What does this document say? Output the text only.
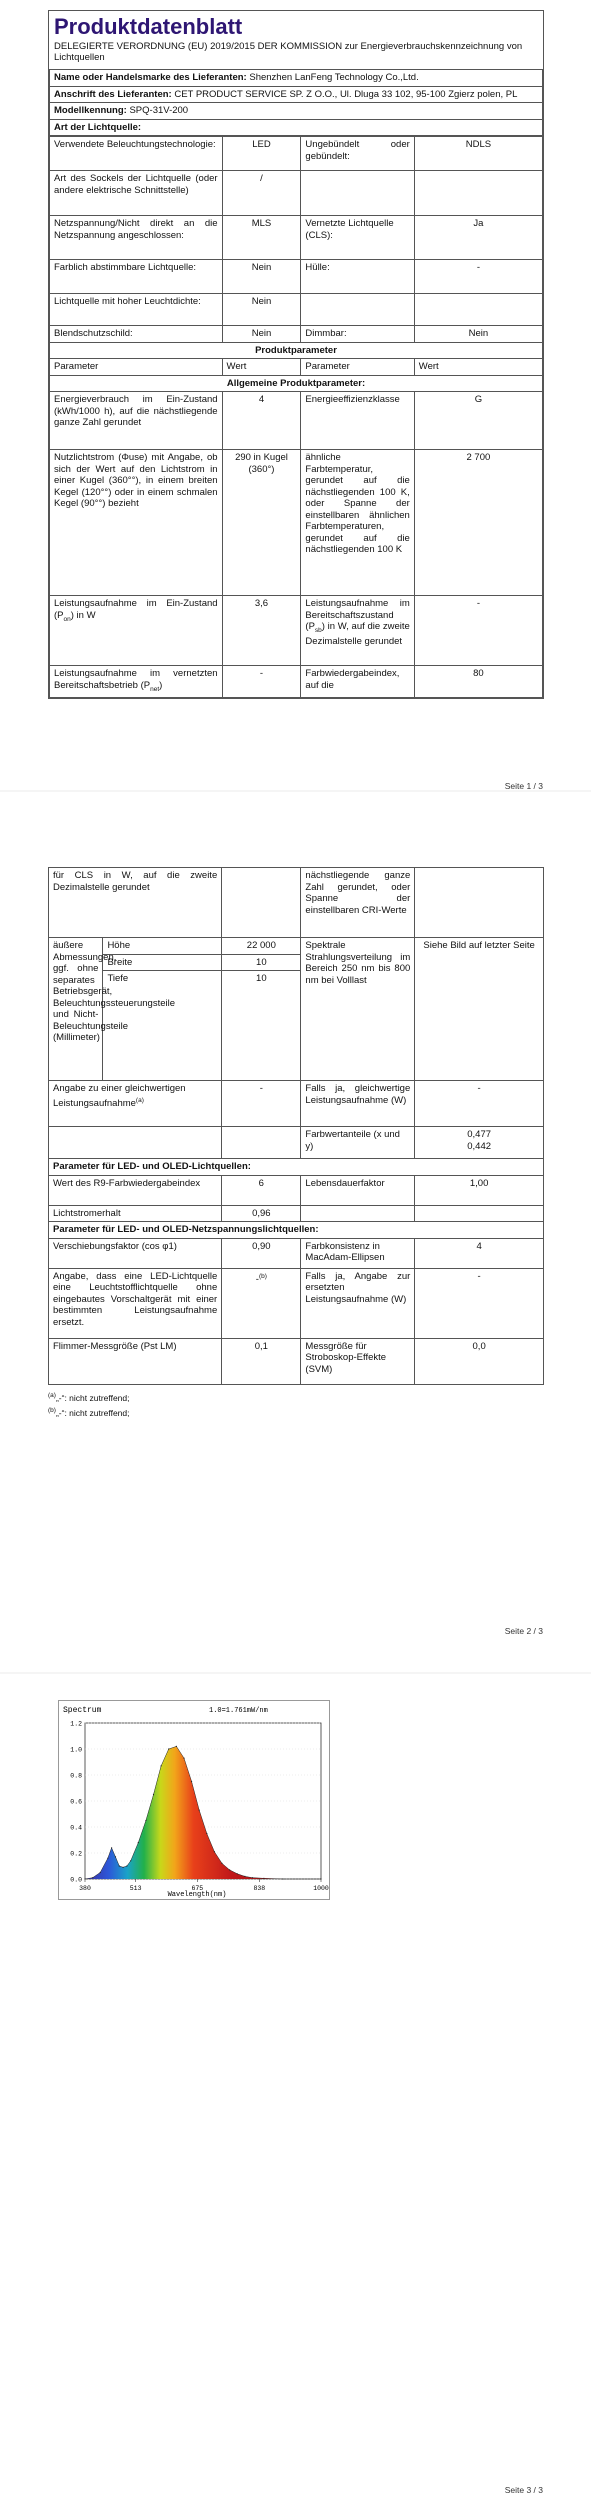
Produktdatenblatt
DELEGIERTE VERORDNUNG (EU) 2019/2015 DER KOMMISSION zur Energieverbrauchskennzeichnung von Lichtquellen
Name oder Handelsmarke des Lieferanten: Shenzhen LanFeng Technology Co.,Ltd.
Anschrift des Lieferanten: CET PRODUCT SERVICE SP. Z O.O., Ul. Dluga 33 102, 95-100 Zgierz polen, PL
Modellkennung: SPQ-31V-200
Art der Lichtquelle:
Verwendete Beleuchtungstechnologie:	LED	Ungebündelt oder gebündelt:	NDLS
Art des Sockels der Lichtquelle (oder andere elektrische Schnittstelle)	/		
Netzspannung/Nicht direkt an die Netzspannung angeschlossen:	MLS	Vernetzte Lichtquelle (CLS):	Ja
Farblich abstimmbare Lichtquelle:	Nein	Hülle:	-
Lichtquelle mit hoher Leuchtdichte:	Nein		
Blendschutzschild:	Nein	Dimmbar:	Nein
Produktparameter			
Parameter	Wert	Parameter	Wert
Allgemeine Produktparameter:			
Energieverbrauch im Ein-Zustand (kWh/1000 h), auf die nächstliegende ganze Zahl gerundet	4	Energieeffizienzklasse	G
Nutzlichtstrom (Φuse) mit Angabe, ob sich der Wert auf den Lichtstrom in einer Kugel (360°°), in einem breiten Kegel (120°°) oder in einem schmalen Kegel (90°°) bezieht	290 in Kugel (360°)	ähnliche Farbtemperatur, gerundet auf die nächstliegenden 100 K, oder Spanne der einstellbaren ähnlichen Farbtemperaturen, gerundet auf die nächstliegenden 100 K	2 700
Leistungsaufnahme im Ein-Zustand $(P_{on})$ in W	3,6	Leistungsaufnahme im Bereitschaftszustand $(P_{sb})$ in W, auf die zweite Dezimalstelle gerundet	-
Leistungsaufnahme im vernetzten Bereitschaftsbetrieb $(P_{net})$	-	Farbwiedergabeindex, auf die	80
Seite 1 / 3
für CLS in W, auf die zweite Dezimalstelle gerundet			nächstliegende ganze Zahl gerundet, oder Spanne der einstellbaren CRI-Werte	
äußere Abmessungen, ggf. ohne separates Betriebsgerät, Beleuchtungssteuerungsteile und Nicht-Beleuchtungsteile (Millimeter)	Höhe	22 000	Spektrale Strahlungsverteilung im Bereich 250 nm bis 800 nm bei Volllast	Siehe Bild auf letzter Seite
	Breite	10		
	Tiefe	10		
Angabe zu einer gleichwertigen Leistungsaufnahme$^{(a)}$		-	Falls ja, gleichwertige Leistungsaufnahme (W)	-
			Farbwertanteile (x und y)	0,477
0,442

Parameter für LED- und OLED-Lichtquellen:				
Wert des R9-Farbwiedergabeindex		6	Lebensdauerfaktor	1,00
Lichtstromerhalt		0,96		
Parameter für LED- und OLED-Netzspannungslichtquellen:				
Verschiebungsfaktor (cos φ1)		0,90	Farbkonsistenz in MacAdam-Ellipsen	4
Angabe, dass eine LED-Lichtquelle eine Leuchtstofflichtquelle ohne eingebautes Vorschaltgerät mit einer bestimmten Leistungsaufnahme ersetzt.		-$^{(b)}$	Falls ja, Angabe zur ersetzten Leistungsaufnahme (W)	-
Flimmer-Messgröße (Pst LM)		0,1	Messgröße für Stroboskop-Effekte (SVM)	0,0
$^{(a)}$„-“: nicht zutreffend;
$^{(b)}$„-“: nicht zutreffend;
Seite 2 / 3
Seite 3 / 3
Spectrum	1.0=1.761mW/nm
0.0
0.2
0.4
0.6
0.8
1.0
1.2
380	513	675	838	1000
Wavelength(nm)
